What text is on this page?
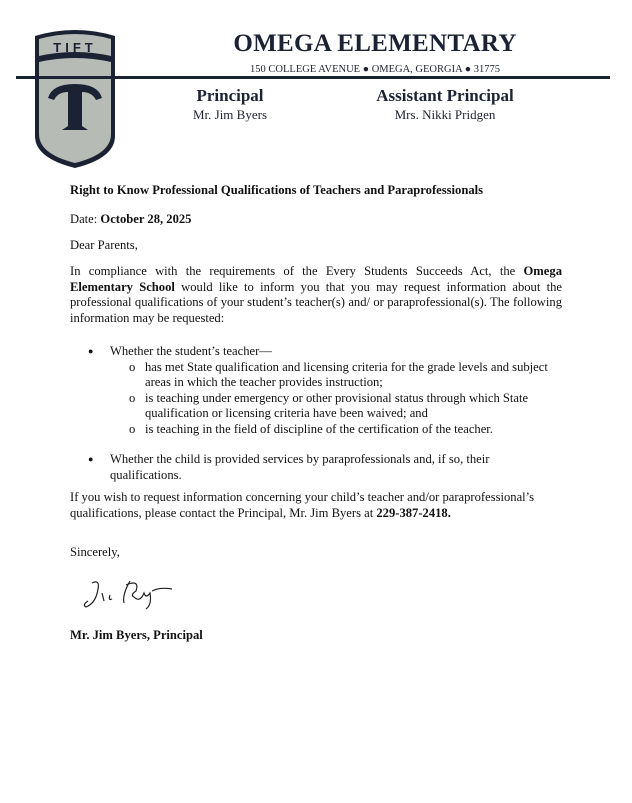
TIFT	OMEGA ELEMENTARY
150 COLLEGE AVENUE ● OMEGA, GEORGIA ● 31775
Principal
Mr. Jim Byers
Assistant Principal
Mrs. Nikki Pridgen
Right to Know Professional Qualifications of Teachers and Paraprofessionals
Date: October 28, 2025
Dear Parents,
In compliance with the requirements of the Every Students Succeeds Act, the Omega Elementary School would like to inform you that you may request information about the professional qualifications of your student’s teacher(s) and/ or paraprofessional(s). The following information may be requested:
● Whether the student’s teacher—
o has met State qualification and licensing criteria for the grade levels and subject areas in which the teacher provides instruction;
o is teaching under emergency or other provisional status through which State qualification or licensing criteria have been waived; and
o is teaching in the field of discipline of the certification of the teacher.
● Whether the child is provided services by paraprofessionals and, if so, their qualifications.
If you wish to request information concerning your child’s teacher and/or paraprofessional’s qualifications, please contact the Principal, Mr. Jim Byers at 229-387-2418.
Sincerely,
Mr. Jim Byers, Principal
